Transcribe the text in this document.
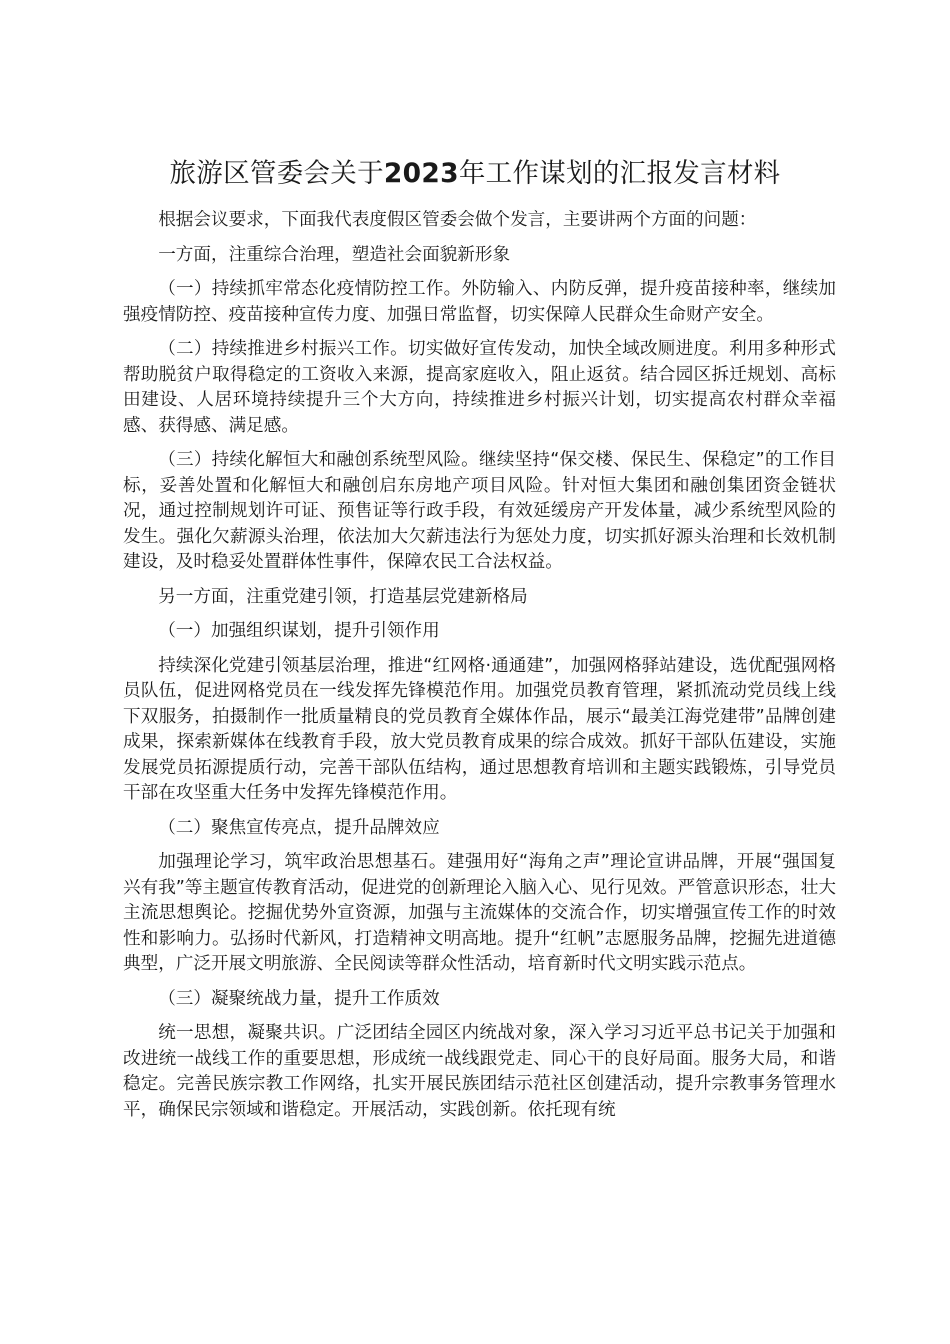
旅游区管委会关于2023年工作谋划的汇报发言材料

根据会议要求，下面我代表度假区管委会做个发言，主要讲两个方面的问题：

一方面，注重综合治理，塑造社会面貌新形象

（一）持续抓牢常态化疫情防控工作。外防输入、内防反弹，提升疫苗接种率，继续加强疫情防控、疫苗接种宣传力度、加强日常监督，切实保障人民群众生命财产安全。

（二）持续推进乡村振兴工作。切实做好宣传发动，加快全域改厕进度。利用多种形式帮助脱贫户取得稳定的工资收入来源，提高家庭收入，阻止返贫。结合园区拆迁规划、高标田建设、人居环境持续提升三个大方向，持续推进乡村振兴计划，切实提高农村群众幸福感、获得感、满足感。

（三）持续化解恒大和融创系统型风险。继续坚持“保交楼、保民生、保稳定”的工作目标，妥善处置和化解恒大和融创启东房地产项目风险。针对恒大集团和融创集团资金链状况，通过控制规划许可证、预售证等行政手段，有效延缓房产开发体量，减少系统型风险的发生。强化欠薪源头治理，依法加大欠薪违法行为惩处力度，切实抓好源头治理和长效机制建设，及时稳妥处置群体性事件，保障农民工合法权益。

另一方面，注重党建引领，打造基层党建新格局

（一）加强组织谋划，提升引领作用

持续深化党建引领基层治理，推进“红网格·通通建”，加强网格驿站建设，选优配强网格员队伍，促进网格党员在一线发挥先锋模范作用。加强党员教育管理，紧抓流动党员线上线下双服务，拍摄制作一批质量精良的党员教育全媒体作品，展示“最美江海党建带”品牌创建成果，探索新媒体在线教育手段，放大党员教育成果的综合成效。抓好干部队伍建设，实施发展党员拓源提质行动，完善干部队伍结构，通过思想教育培训和主题实践锻炼，引导党员干部在攻坚重大任务中发挥先锋模范作用。

（二）聚焦宣传亮点，提升品牌效应

加强理论学习，筑牢政治思想基石。建强用好“海角之声”理论宣讲品牌，开展“强国复兴有我”等主题宣传教育活动，促进党的创新理论入脑入心、见行见效。严管意识形态，壮大主流思想舆论。挖掘优势外宣资源，加强与主流媒体的交流合作，切实增强宣传工作的时效性和影响力。弘扬时代新风，打造精神文明高地。提升“红帆”志愿服务品牌，挖掘先进道德典型，广泛开展文明旅游、全民阅读等群众性活动，培育新时代文明实践示范点。

（三）凝聚统战力量，提升工作质效

统一思想，凝聚共识。广泛团结全园区内统战对象，深入学习习近平总书记关于加强和改进统一战线工作的重要思想，形成统一战线跟党走、同心干的良好局面。服务大局，和谐稳定。完善民族宗教工作网络，扎实开展民族团结示范社区创建活动，提升宗教事务管理水平，确保民宗领域和谐稳定。开展活动，实践创新。依托现有统
